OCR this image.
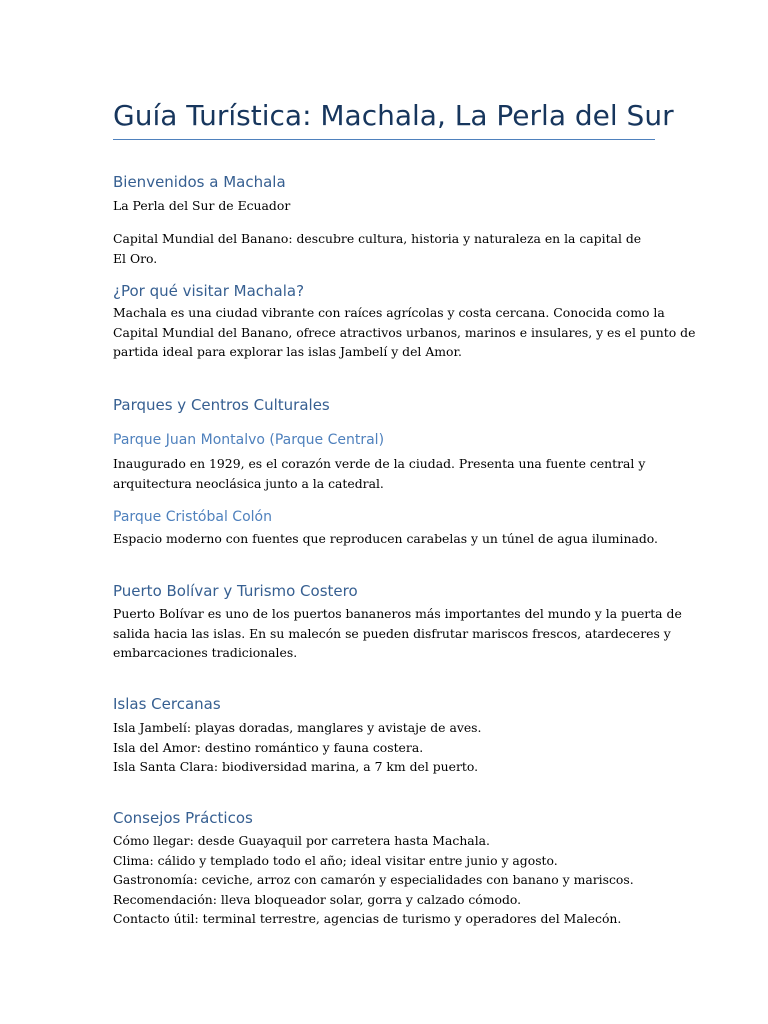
Guía Turística: Machala, La Perla del Sur
Bienvenidos a Machala

La Perla del Sur de Ecuador

Capital Mundial del Banano: descubre cultura, historia y naturaleza en la capital de El Oro.

¿Por qué visitar Machala?

Machala es una ciudad vibrante con raíces agrícolas y costa cercana. Conocida como la
Capital Mundial del Banano, ofrece atractivos urbanos, marinos e insulares, y es el punto de
partida ideal para explorar las islas Jambelí y del Amor.

Parques y Centros Culturales
Parque Juan Montalvo (Parque Central)

Inaugurado en 1929, es el corazón verde de la ciudad. Presenta una fuente central y
arquitectura neoclásica junto a la catedral.

Parque Cristóbal Colón

Espacio moderno con fuentes que reproducen carabelas y un túnel de agua iluminado.

Puerto Bolívar y Turismo Costero

Puerto Bolívar es uno de los puertos bananeros más importantes del mundo y la puerta de
salida hacia las islas. En su malecón se pueden disfrutar mariscos frescos, atardeceres y
embarcaciones tradicionales.

Islas Cercanas

Isla Jambelí: playas doradas, manglares y avistaje de aves.
Isla del Amor: destino romántico y fauna costera.
Isla Santa Clara: biodiversidad marina, a 7 km del puerto.

Consejos Prácticos

Cómo llegar: desde Guayaquil por carretera hasta Machala.
Clima: cálido y templado todo el año; ideal visitar entre junio y agosto.
Gastronomía: ceviche, arroz con camarón y especialidades con banano y mariscos.
Recomendación: lleva bloqueador solar, gorra y calzado cómodo.
Contacto útil: terminal terrestre, agencias de turismo y operadores del Malecón.
